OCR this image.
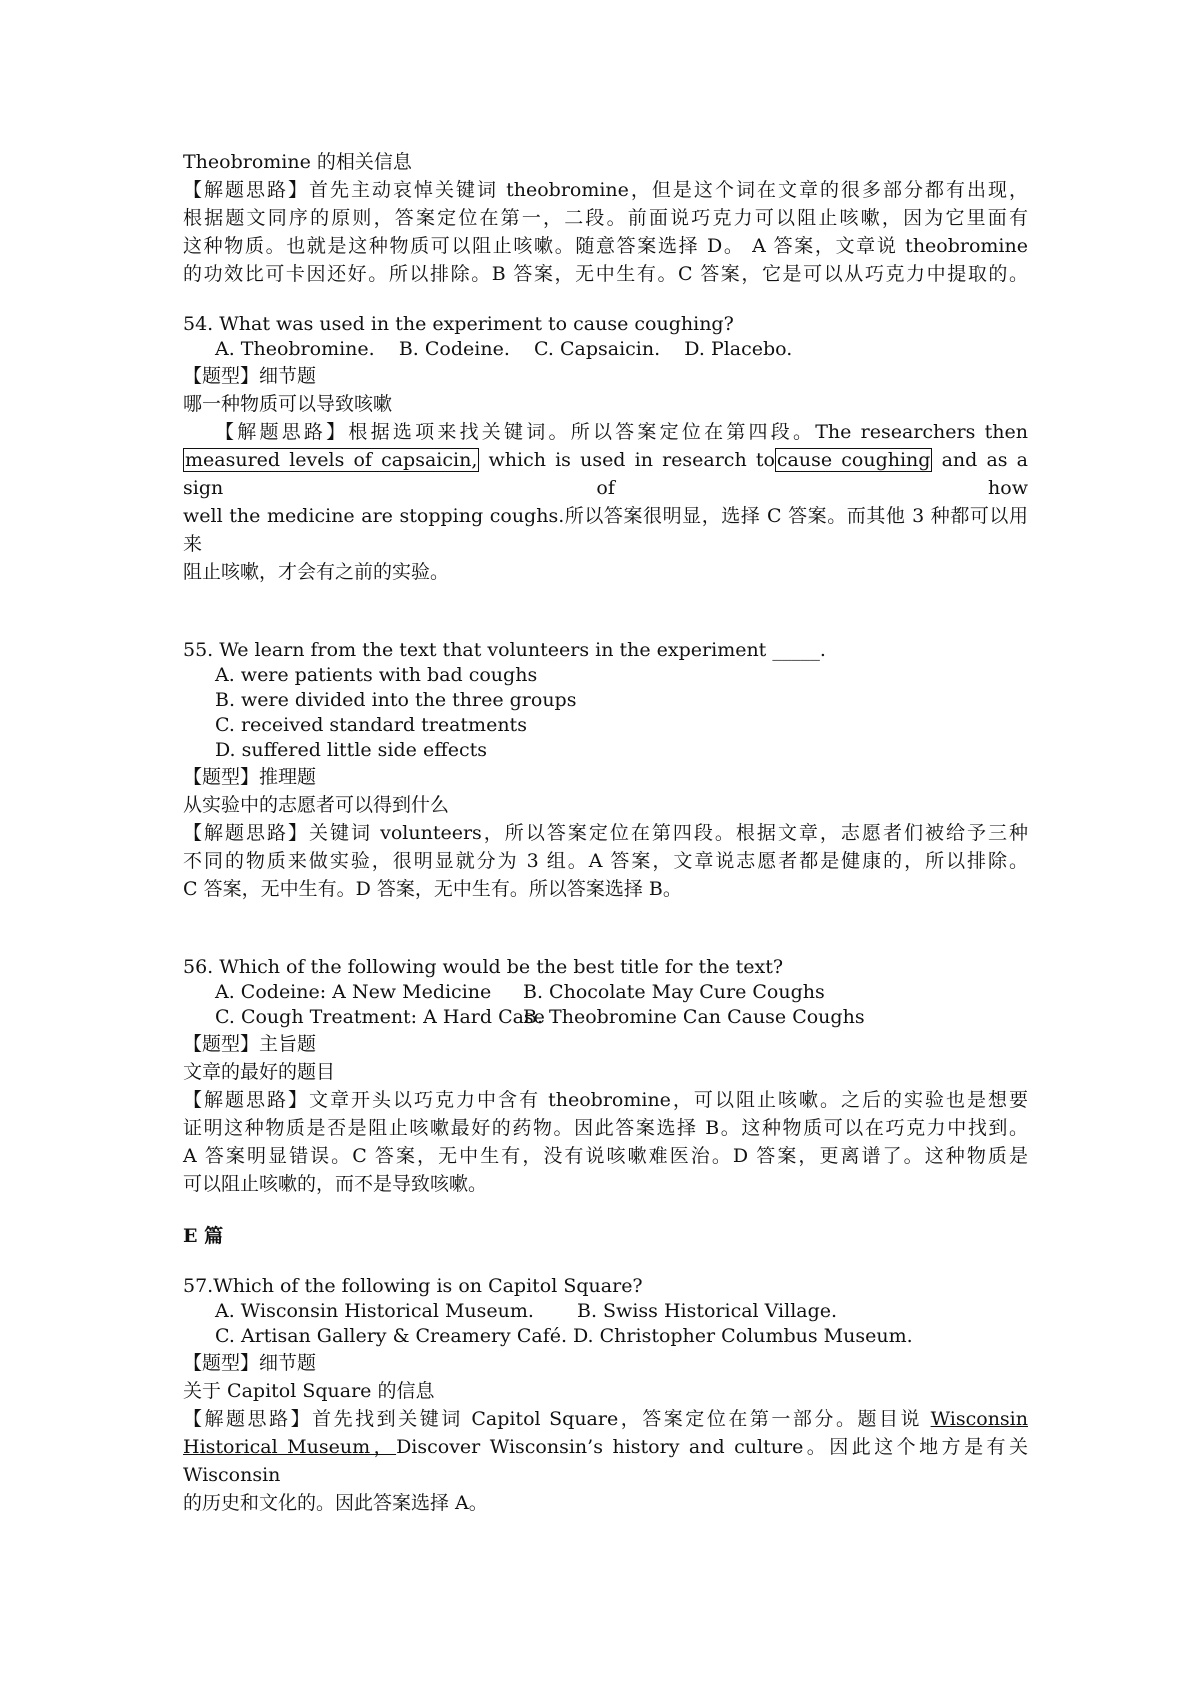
Theobromine 的相关信息
【解题思路】首先主动哀悼关键词 theobromine，但是这个词在文章的很多部分都有出现，
根据题文同序的原则，答案定位在第一，二段。前面说巧克力可以阻止咳嗽，因为它里面有
这种物质。也就是这种物质可以阻止咳嗽。随意答案选择 D。 A 答案，文章说 theobromine
的功效比可卡因还好。所以排除。B 答案，无中生有。C 答案，它是可以从巧克力中提取的。
54. What was used in the experiment to cause coughing?
A. Theobromine.    B. Codeine.    C. Capsaicin.    D. Placebo.
【题型】细节题
哪一种物质可以导致咳嗽
【解题思路】根据选项来找关键词。所以答案定位在第四段。The researchers then
measured levels of capsaicin, which is used in research to cause coughing and as a sign of how
well the medicine are stopping coughs.所以答案很明显，选择 C 答案。而其他 3 种都可以用来
阻止咳嗽，才会有之前的实验。
55. We learn from the text that volunteers in the experiment _____.
A. were patients with bad coughs
B. were divided into the three groups
C. received standard treatments
D. suffered little side effects
【题型】推理题
从实验中的志愿者可以得到什么
【解题思路】关键词 volunteers，所以答案定位在第四段。根据文章，志愿者们被给予三种
不同的物质来做实验，很明显就分为 3 组。A 答案，文章说志愿者都是健康的，所以排除。
C 答案，无中生有。D 答案，无中生有。所以答案选择 B。
56. Which of the following would be the best title for the text?
A. Codeine: A New Medicine	B. Chocolate May Cure Coughs
C. Cough Treatment: A Hard Case
B. Theobromine Can Cause Coughs
【题型】主旨题
文章的最好的题目
【解题思路】文章开头以巧克力中含有 theobromine，可以阻止咳嗽。之后的实验也是想要
证明这种物质是否是阻止咳嗽最好的药物。因此答案选择 B。这种物质可以在巧克力中找到。
A 答案明显错误。C 答案，无中生有，没有说咳嗽难医治。D 答案，更离谱了。这种物质是
可以阻止咳嗽的，而不是导致咳嗽。
E 篇
57.Which of the following is on Capitol Square?
A. Wisconsin Historical Museum.	B. Swiss Historical Village.
C. Artisan Gallery & Creamery Café. D. Christopher Columbus Museum.
【题型】细节题
关于 Capitol Square 的信息
【解题思路】首先找到关键词 Capitol Square，答案定位在第一部分。题目说 Wisconsin
Historical Museum，Discover Wisconsin’s history and culture。因此这个地方是有关 Wisconsin
的历史和文化的。因此答案选择 A。
